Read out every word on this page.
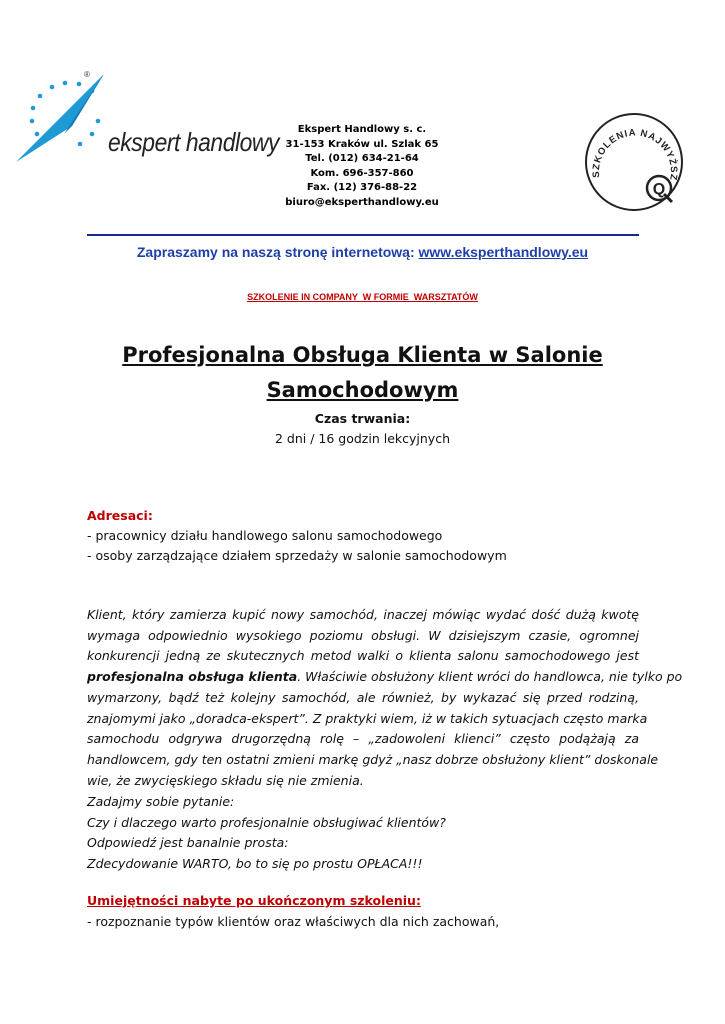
®
ekspert handlowy	Ekspert Handlowy s. c.
31-153 Kraków ul. Szlak 65
Tel. (012) 634-21-64
Kom. 696-357-860
Fax. (12) 376-88-22
biuro@eksperthandlowy.eu
SZKOLENIA NAJWYŻSZ
Q
Zapraszamy na naszą stronę internetową: www.eksperthandlowy.eu
SZKOLENIE IN COMPANY  W FORMIE  WARSZTATÓW
Profesjonalna Obsługa Klienta w Salonie
Samochodowym
Czas trwania:
2 dni / 16 godzin lekcyjnych
Adresaci:
- pracownicy działu handlowego salonu samochodowego
- osoby zarządzające działem sprzedaży w salonie samochodowym
Klient, który zamierza kupić nowy samochód, inaczej mówiąc wydać dość dużą kwotę
wymaga odpowiednio wysokiego poziomu obsługi. W dzisiejszym czasie, ogromnej
konkurencji jedną ze skutecznych metod walki o klienta salonu samochodowego jest
profesjonalna obsługa klienta. Właściwie obsłużony klient wróci do handlowca, nie tylko po
wymarzony, bądź też kolejny samochód, ale również, by wykazać się przed rodziną,
znajomymi jako „doradca-ekspert”. Z praktyki wiem, iż w takich sytuacjach często marka
samochodu odgrywa drugorzędną rolę – „zadowoleni klienci” często podążają za
handlowcem, gdy ten ostatni zmieni markę gdyż „nasz dobrze obsłużony klient” doskonale
wie, że zwycięskiego składu się nie zmienia.
Zadajmy sobie pytanie:
Czy i dlaczego warto profesjonalnie obsługiwać klientów?
Odpowiedź jest banalnie prosta:
Zdecydowanie WARTO, bo to się po prostu OPŁACA!!!
Umiejętności nabyte po ukończonym szkoleniu:
- rozpoznanie typów klientów oraz właściwych dla nich zachowań,
